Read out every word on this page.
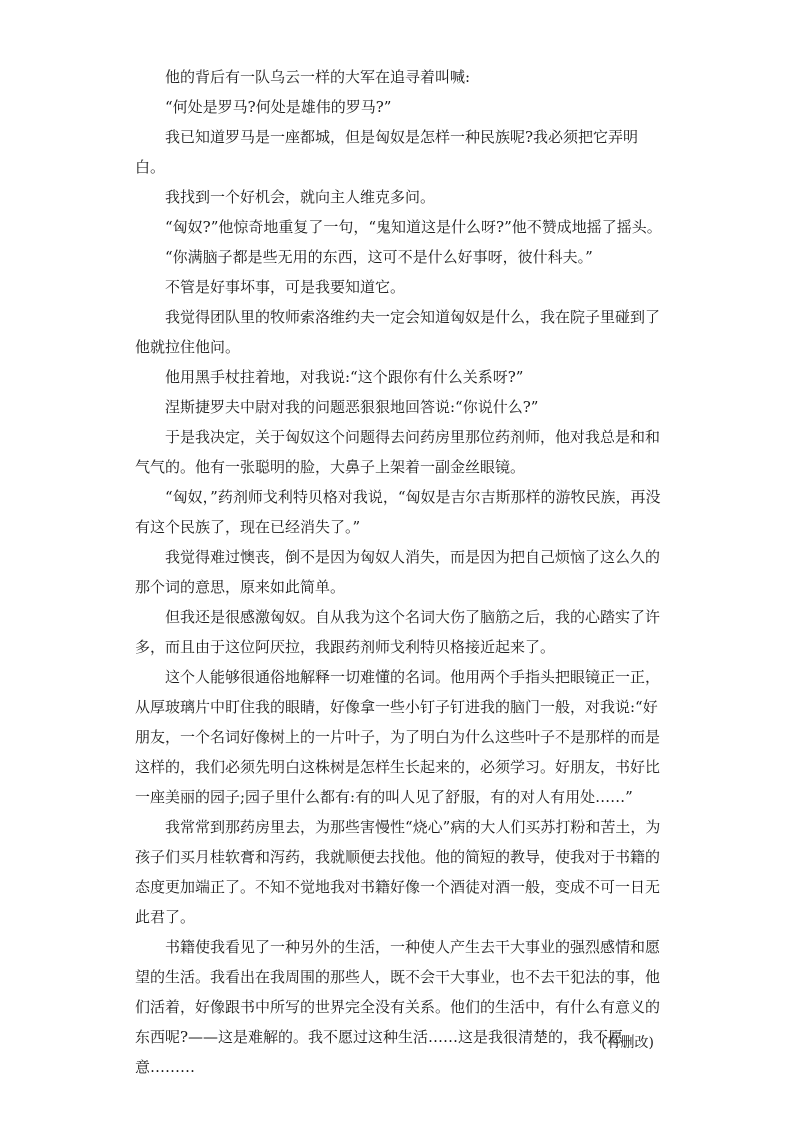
他的背后有一队乌云一样的大军在追寻着叫喊:

“何处是罗马?何处是雄伟的罗马?”

我已知道罗马是一座都城，但是匈奴是怎样一种民族呢?我必须把它弄明白。

我找到一个好机会，就向主人维克多问。

“匈奴?”他惊奇地重复了一句，“鬼知道这是什么呀?”他不赞成地摇了摇头。

“你满脑子都是些无用的东西，这可不是什么好事呀，彼什科夫。”

不管是好事坏事，可是我要知道它。

我觉得团队里的牧师索洛维约夫一定会知道匈奴是什么，我在院子里碰到了他就拉住他问。

他用黑手杖拄着地，对我说:“这个跟你有什么关系呀?”

涅斯捷罗夫中尉对我的问题恶狠狠地回答说:“你说什么?”

于是我决定，关于匈奴这个问题得去问药房里那位药剂师，他对我总是和和气气的。他有一张聪明的脸，大鼻子上架着一副金丝眼镜。

“匈奴，”药剂师戈利特贝格对我说，“匈奴是吉尔吉斯那样的游牧民族，再没有这个民族了，现在已经消失了。”

我觉得难过懊丧，倒不是因为匈奴人消失，而是因为把自己烦恼了这么久的那个词的意思，原来如此简单。

但我还是很感激匈奴。自从我为这个名词大伤了脑筋之后，我的心踏实了许多，而且由于这位阿厌拉，我跟药剂师戈利特贝格接近起来了。

这个人能够很通俗地解释一切难懂的名词。他用两个手指头把眼镜正一正，从厚玻璃片中盯住我的眼睛，好像拿一些小钉子钉进我的脑门一般，对我说:“好朋友，一个名词好像树上的一片叶子，为了明白为什么这些叶子不是那样的而是这样的，我们必须先明白这株树是怎样生长起来的，必须学习。好朋友，书好比一座美丽的园子;园子里什么都有:有的叫人见了舒服，有的对人有用处……”

我常常到那药房里去，为那些害慢性“烧心”病的大人们买苏打粉和苦土，为孩子们买月桂软膏和泻药，我就顺便去找他。他的简短的教导，使我对于书籍的态度更加端正了。不知不觉地我对书籍好像一个酒徒对酒一般，变成不可一日无此君了。

书籍使我看见了一种另外的生活，一种使人产生去干大事业的强烈感情和愿望的生活。我看出在我周围的那些人，既不会干大事业，也不去干犯法的事，他们活着，好像跟书中所写的世界完全没有关系。他们的生活中，有什么有意义的东西呢?——这是难解的。我不愿过这种生活……这是我很清楚的，我不愿意………

(有删改)
